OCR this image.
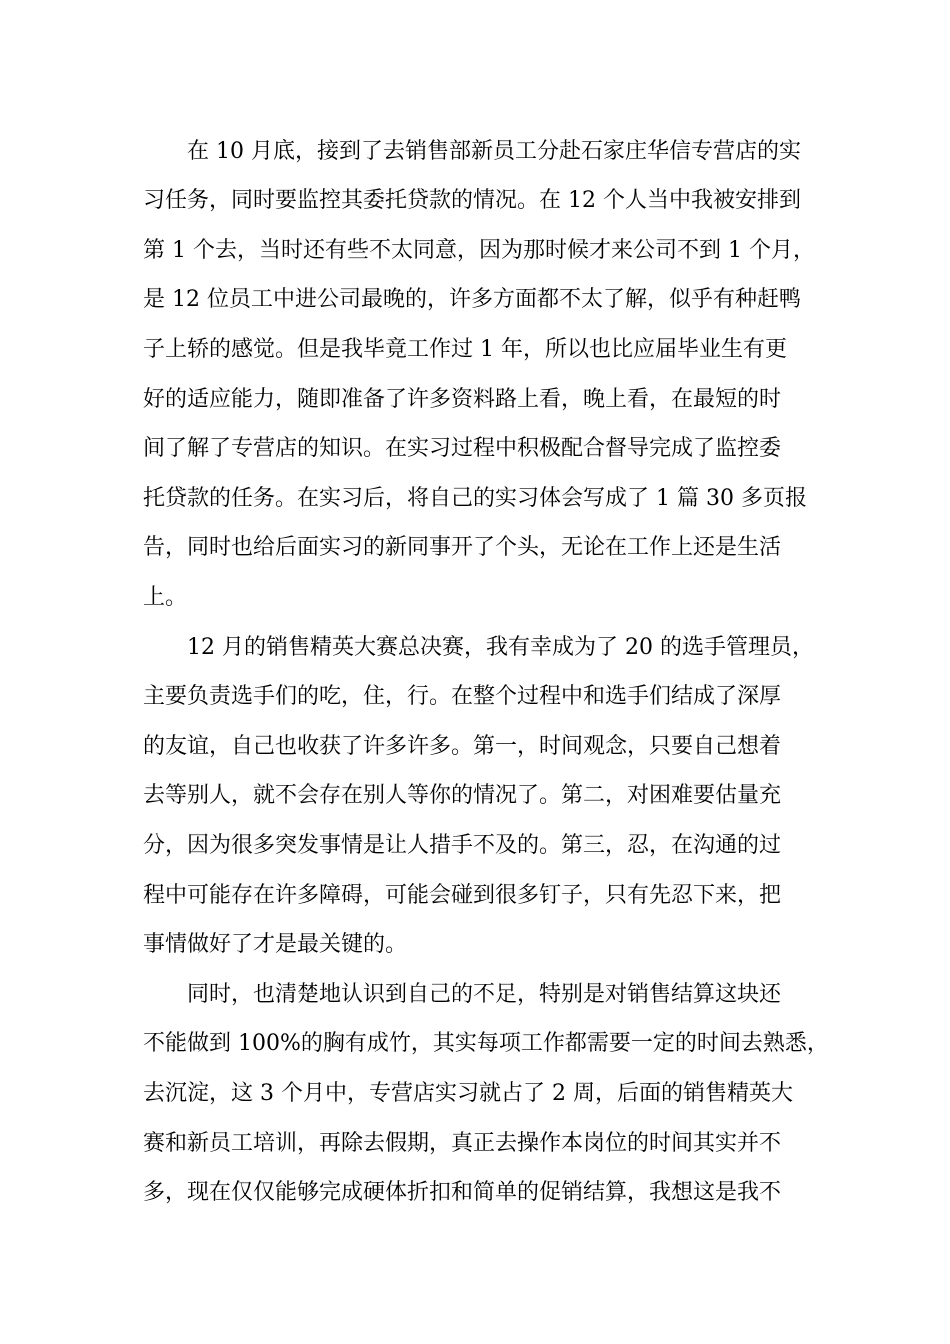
在 10 月底，接到了去销售部新员工分赴石家庄华信专营店的实

习任务，同时要监控其委托贷款的情况。在 12 个人当中我被安排到

第 1 个去，当时还有些不太同意，因为那时候才来公司不到 1 个月，

是 12 位员工中进公司最晚的，许多方面都不太了解，似乎有种赶鸭

子上轿的感觉。但是我毕竟工作过 1 年，所以也比应届毕业生有更

好的适应能力，随即准备了许多资料路上看，晚上看，在最短的时

间了解了专营店的知识。在实习过程中积极配合督导完成了监控委

托贷款的任务。在实习后，将自己的实习体会写成了 1 篇 30 多页报

告，同时也给后面实习的新同事开了个头，无论在工作上还是生活

上。

12 月的销售精英大赛总决赛，我有幸成为了 20 的选手管理员，

主要负责选手们的吃，住，行。在整个过程中和选手们结成了深厚

的友谊，自己也收获了许多许多。第一，时间观念，只要自己想着

去等别人，就不会存在别人等你的情况了。第二，对困难要估量充

分，因为很多突发事情是让人措手不及的。第三，忍，在沟通的过

程中可能存在许多障碍，可能会碰到很多钉子，只有先忍下来，把

事情做好了才是最关键的。

同时，也清楚地认识到自己的不足，特别是对销售结算这块还

不能做到 100%的胸有成竹，其实每项工作都需要一定的时间去熟悉，

去沉淀，这 3 个月中，专营店实习就占了 2 周，后面的销售精英大

赛和新员工培训，再除去假期，真正去操作本岗位的时间其实并不

多，现在仅仅能够完成硬体折扣和简单的促销结算，我想这是我不
